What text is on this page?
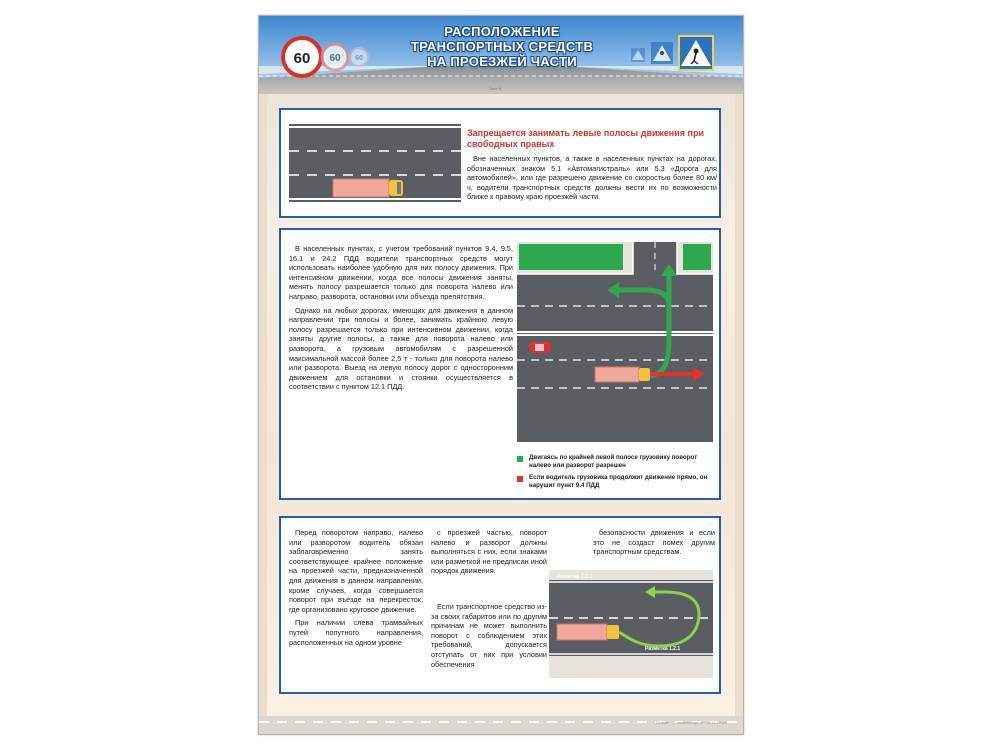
РАСПОЛОЖЕНИЕ
ТРАНСПОРТНЫХ СРЕДСТВ
НА ПРОЕЗЖЕЙ ЧАСТИ
60 60 60
Лист 6

Запрещается занимать левые полосы движения при свободных правых

Вне населенных пунктов, а также в населенных пунктах на дорогах, обозначенных знаком 5.1 «Автомагистраль» или 5.3 «Дорога для автомобилей», или где разрешено движение со скоростью более 80 км/ч, водители транспортных средств должны вести их по возможности ближе к правому краю проезжей части.

В населенных пунктах, с учетом требований пунктов 9.4, 9.5, 16.1 и 24.2 ПДД водители транспортных средств могут использовать наиболее удобную для них полосу движения. При интенсивном движении, когда все полосы движения заняты, менять полосу разрешается только для поворота налево или направо, разворота, остановки или объезда препятствия.

Однако на любых дорогах, имеющих для движения в данном направлении три полосы и более, занимать крайнюю левую полосу разрешается только при интенсивном движении, когда заняты другие полосы, а также для поворота налево или разворота, а грузовым автомобилям с разрешенной максимальной массой более 2,5 т - только для поворота налево или разворота. Выезд на левую полосу дорог с односторонним движением для остановки и стоянки осуществляется в соответствии с пунктом 12.1 ПДД.

Двигаясь по крайней левой полосе грузовику поворот налево или разворот разрешен
Если водитель грузовика продолжит движение прямо, он нарушит пункт 9.4 ПДД

Перед поворотом направо, налево или разворотом водитель обязан заблаговременно занять соответствующее крайнее положение на проезжей части, предназначенной для движения в данном направлении, кроме случаев, когда совершается поворот при въезде на перекресток, где организовано круговое движение.

При наличии слева трамвайных путей попутного направления, расположенных на одном уровне

с проезжей частью, поворот налево и разворот должны выполняться с них, если знаками или разметкой не предписан иной порядок движения.

безопасности движения и если это не создаст помех другим транспортным средствам.

Если транспортное средство из-за своих габаритов или по другим причинам не может выполнить поворот с соблюдением этих требований, допускается отступать от них при условии обеспечения

Разметка 1.2.1
Разметка 1.2.1
Плакат · © www.artdigit.ru · 2013-07-01
